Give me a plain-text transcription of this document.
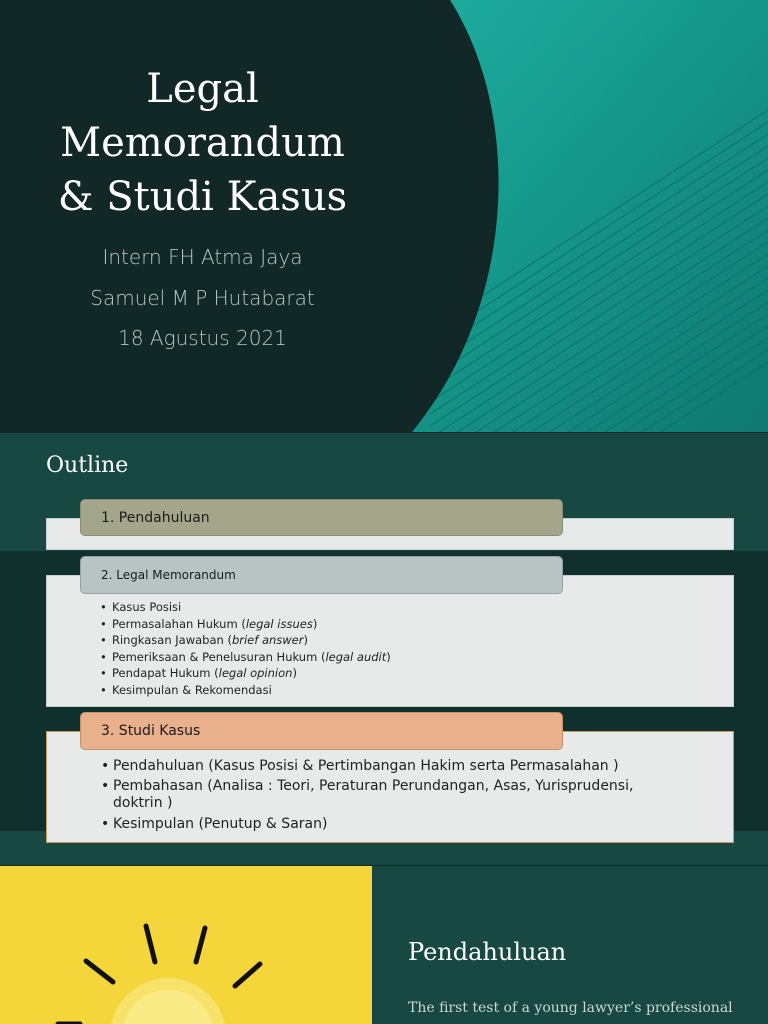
Legal
Memorandum
& Studi Kasus
Intern FH Atma Jaya
Samuel M P Hutabarat
18 Agustus 2021
Outline
1. Pendahuluan
• Kasus Posisi
• Permasalahan Hukum (legal issues)
• Ringkasan Jawaban (brief answer)
• Pemeriksaan & Penelusuran Hukum (legal audit)
• Pendapat Hukum (legal opinion)
• Kesimpulan & Rekomendasi
2. Legal Memorandum
• Pendahuluan (Kasus Posisi & Pertimbangan Hakim serta Permasalahan )
• Pembahasan (Analisa : Teori, Peraturan Perundangan, Asas, Yurisprudensi, doktrin )
• Kesimpulan (Penutup & Saran)
3. Studi Kasus
Pendahuluan
The first test of a young lawyer’s professional
